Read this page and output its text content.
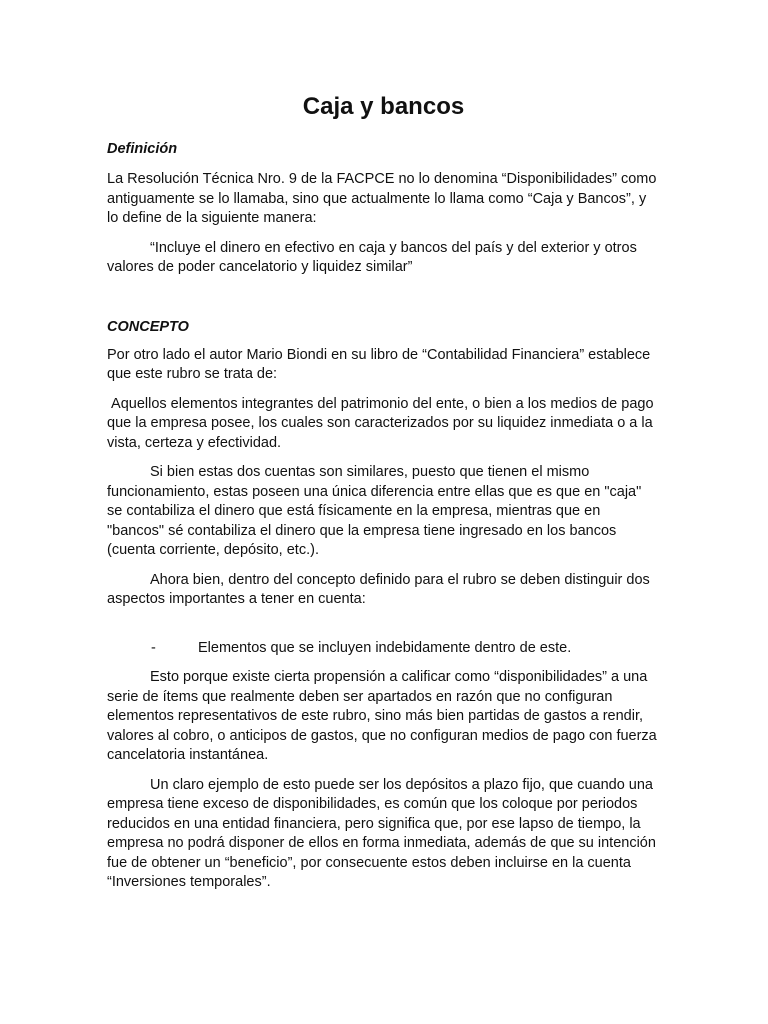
Caja y bancos
Definición

La Resolución Técnica Nro. 9 de la FACPCE no lo denomina “Disponibilidades” como antiguamente se lo llamaba, sino que actualmente lo llama como “Caja y Bancos”, y lo define de la siguiente manera:

“Incluye el dinero en efectivo en caja y bancos del país y del exterior y otros valores de poder cancelatorio y liquidez similar”

CONCEPTO

Por otro lado el autor Mario Biondi en su libro de “Contabilidad Financiera” establece que este rubro se trata de:

Aquellos elementos integrantes del patrimonio del ente, o bien a los medios de pago que la empresa posee, los cuales son caracterizados por su liquidez inmediata o a la vista, certeza y efectividad.

Si bien estas dos cuentas son similares, puesto que tienen el mismo funcionamiento, estas poseen una única diferencia entre ellas que es que en "caja" se contabiliza el dinero que está físicamente en la empresa, mientras que en "bancos" sé contabiliza el dinero que la empresa tiene ingresado en los bancos (cuenta corriente, depósito, etc.).

Ahora bien, dentro del concepto definido para el rubro se deben distinguir dos aspectos importantes a tener en cuenta:

-	Elementos que se incluyen indebidamente dentro de este.

Esto porque existe cierta propensión a calificar como “disponibilidades” a una serie de ítems que realmente deben ser apartados en razón que no configuran elementos representativos de este rubro, sino más bien partidas de gastos a rendir, valores al cobro, o anticipos de gastos, que no configuran medios de pago con fuerza cancelatoria instantánea.

Un claro ejemplo de esto puede ser los depósitos a plazo fijo, que cuando una empresa tiene exceso de disponibilidades, es común que los coloque por periodos reducidos en una entidad financiera, pero significa que, por ese lapso de tiempo, la empresa no podrá disponer de ellos en forma inmediata, además de que su intención fue de obtener un “beneficio”, por consecuente estos deben incluirse en la cuenta “Inversiones temporales”.
